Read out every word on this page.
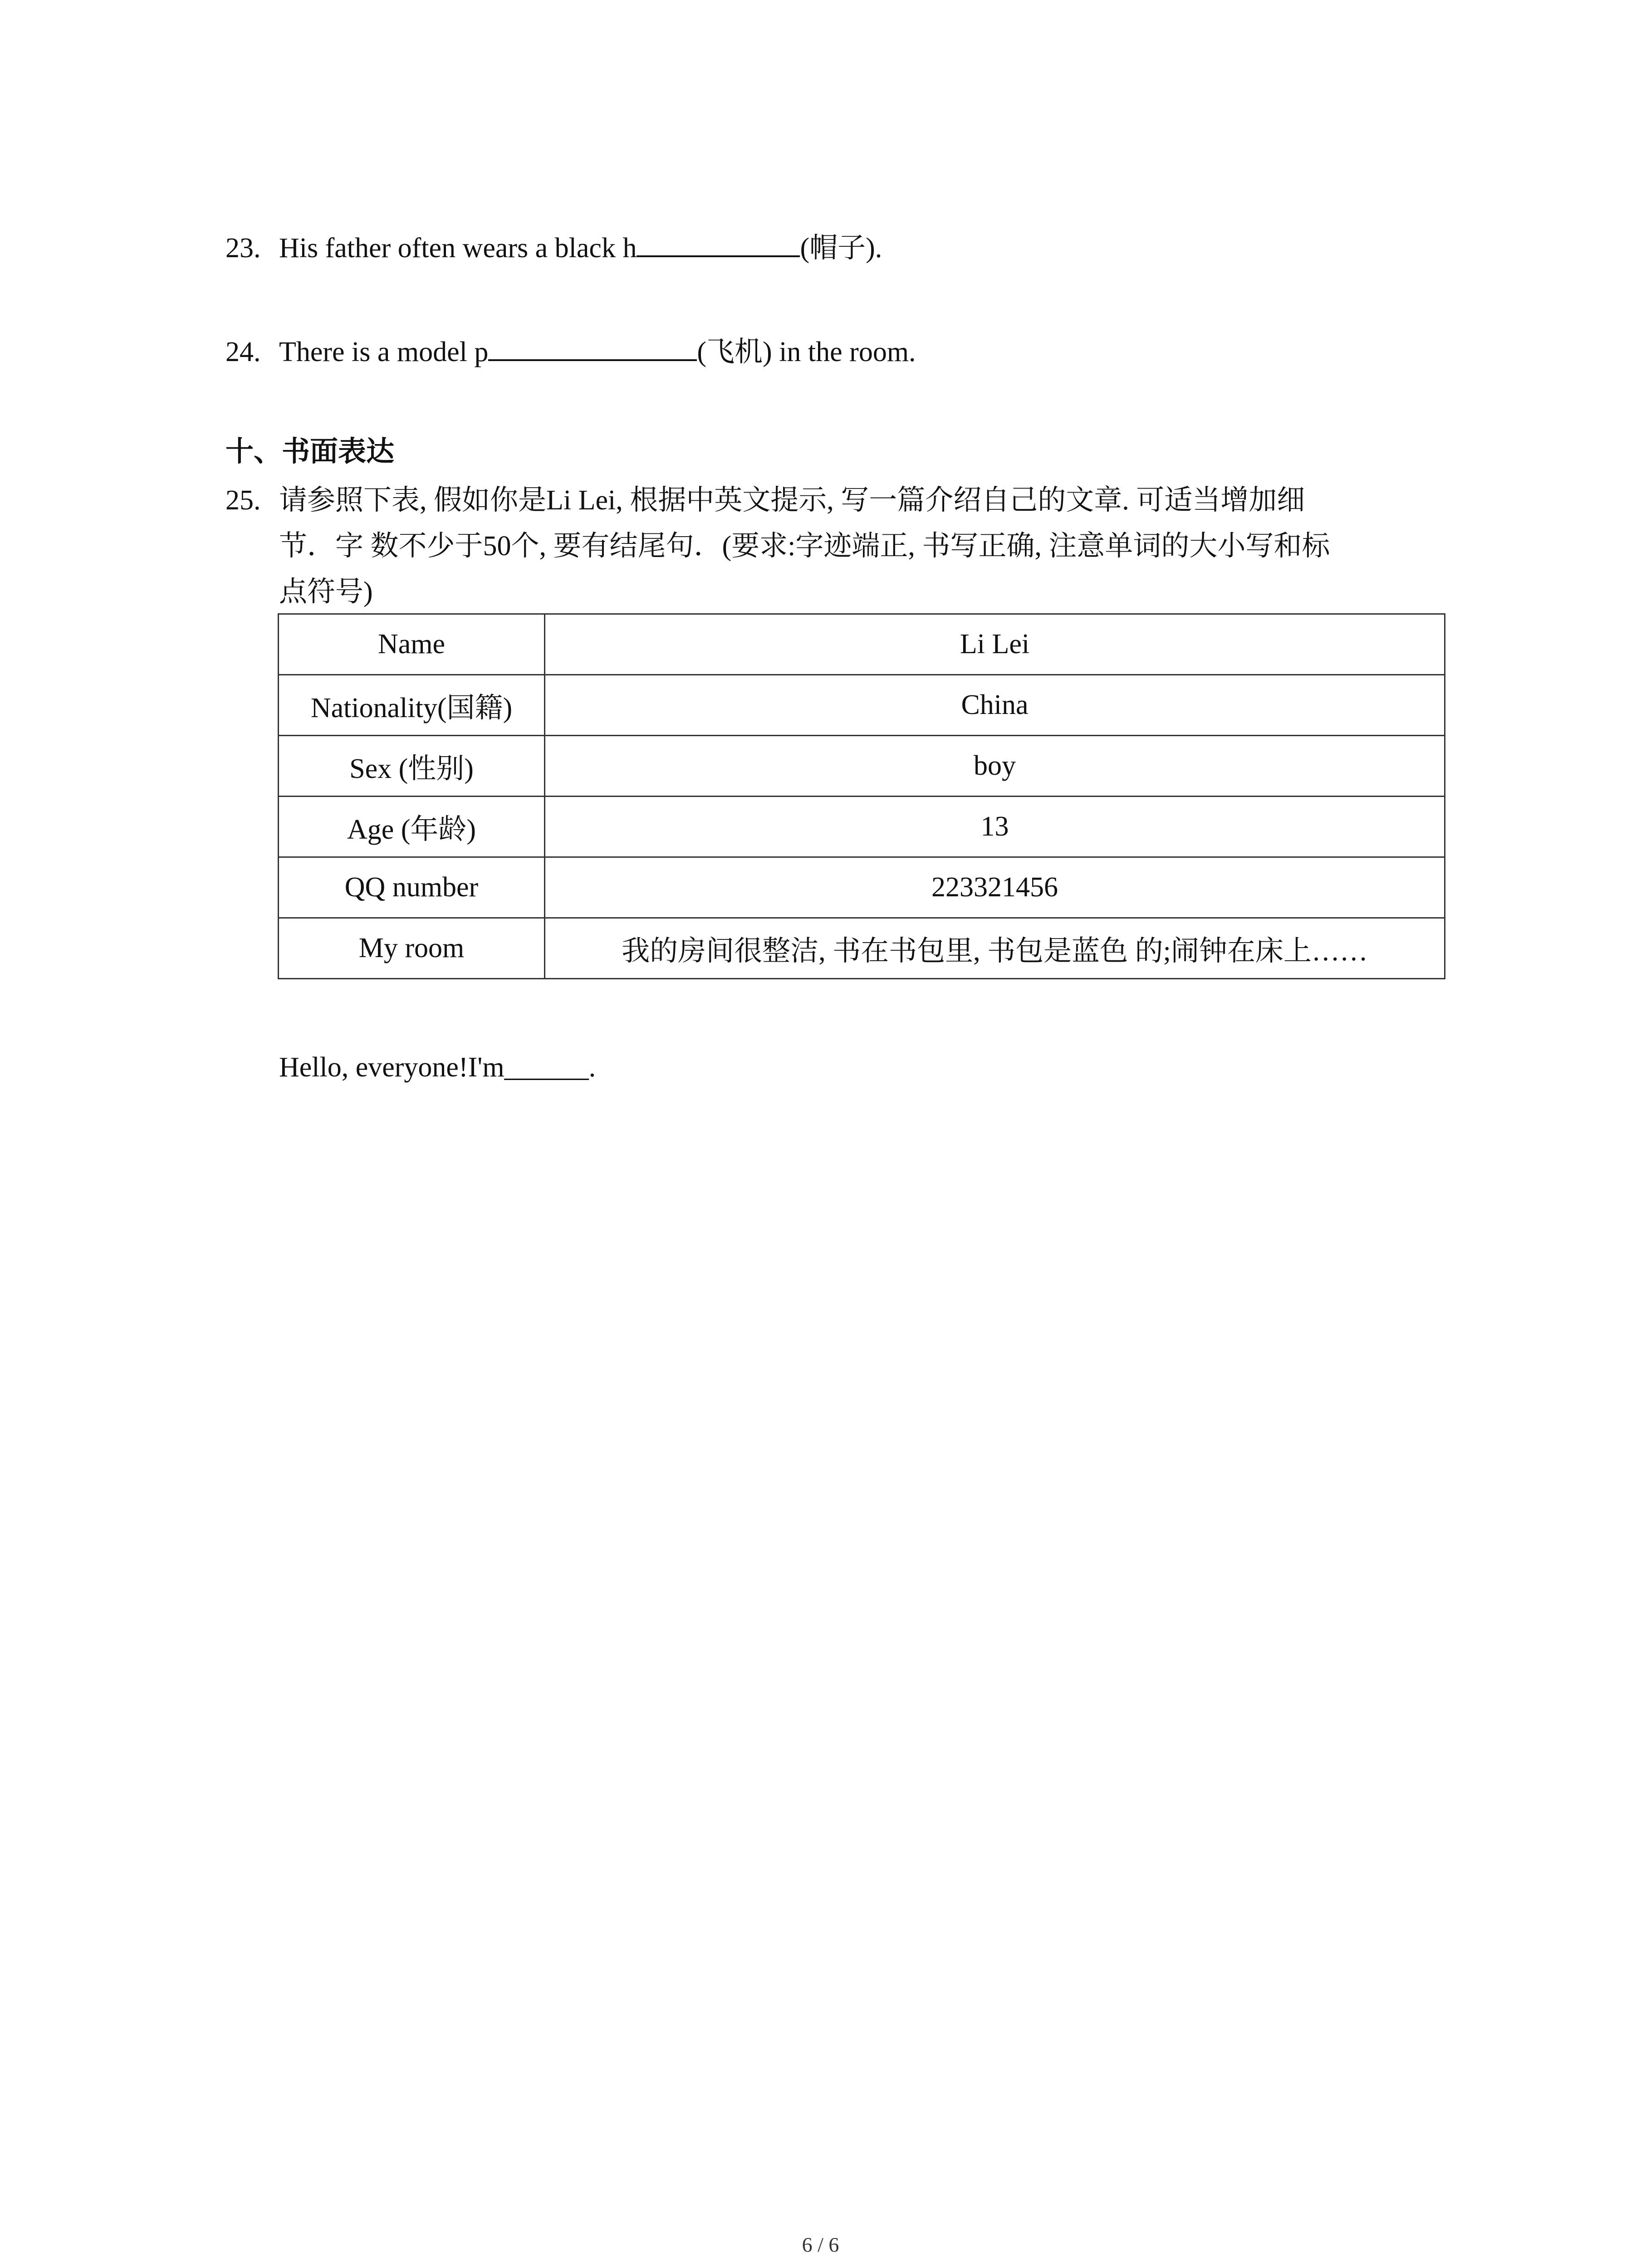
23. His father often wears a black h	(帽子).
24. There is a model p	(飞机) in the room.
十、书面表达
25. 请参照下表, 假如你是Li Lei, 根据中英文提示, 写一篇介绍自己的文章. 可适当增加细
节．字 数不少于50个, 要有结尾句．(要求:字迹端正, 书写正确, 注意单词的大小写和标
点符号)
Name	Li Lei
Nationality(国籍)	China
Sex (性别)	boy
Age (年龄)	13
QQ number	223321456
My room	我的房间很整洁, 书在书包里, 书包是蓝色 的;闹钟在床上……
Hello, everyone!I'm______.
6 / 6
